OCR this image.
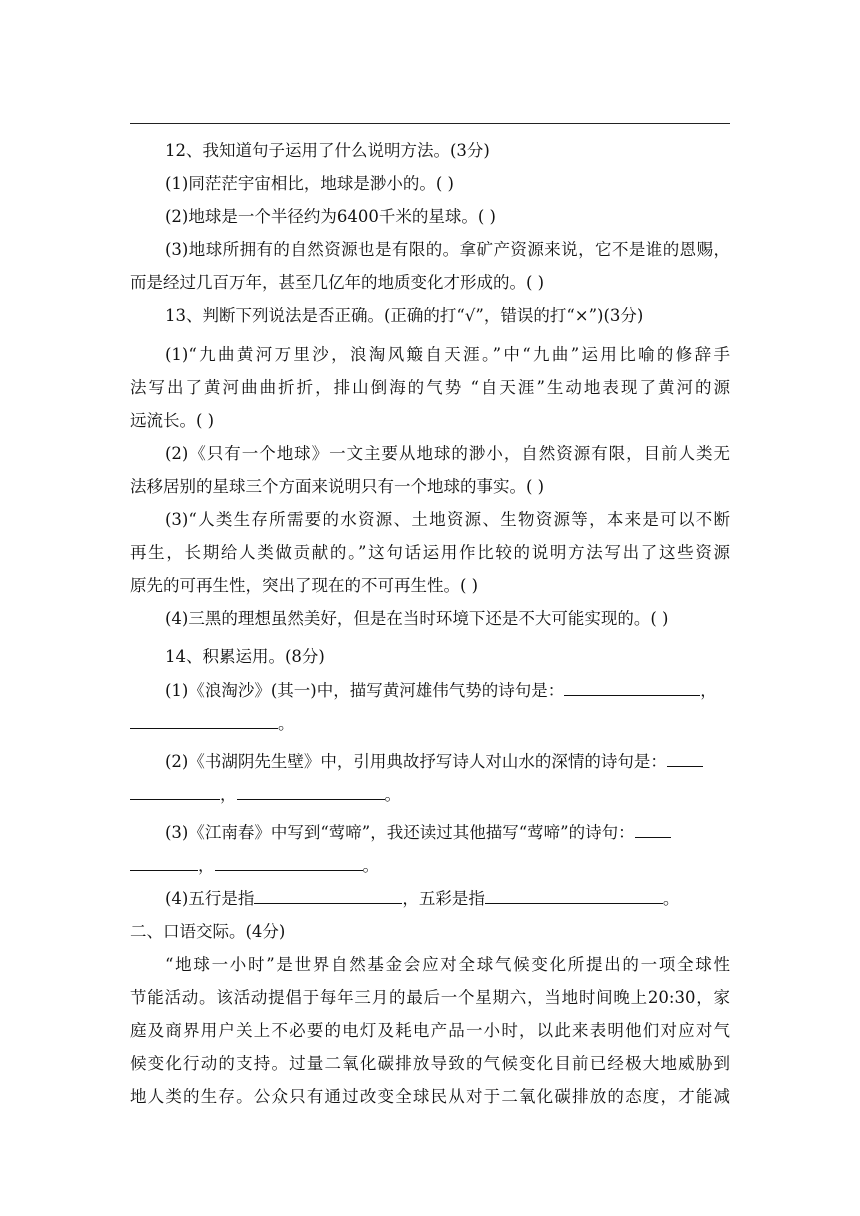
12、我知道句子运用了什么说明方法。(3分)
(1)同茫茫宇宙相比，地球是渺小的。( )
(2)地球是一个半径约为6400千米的星球。( )
(3)地球所拥有的自然资源也是有限的。拿矿产资源来说，它不是谁的恩赐，
而是经过几百万年，甚至几亿年的地质变化才形成的。( )
13、判断下列说法是否正确。(正确的打“√”，错误的打“×”)(3分)
(1)“九曲黄河万里沙，浪淘风簸自天涯。”中“九曲”运用比喻的修辞手
法写出了黄河曲曲折折，排山倒海的气势 “自天涯”生动地表现了黄河的源
远流长。( )
(2)《只有一个地球》一文主要从地球的渺小，自然资源有限，目前人类无
法移居别的星球三个方面来说明只有一个地球的事实。( )
(3)“人类生存所需要的水资源、土地资源、生物资源等，本来是可以不断
再生，长期给人类做贡献的。”这句话运用作比较的说明方法写出了这些资源
原先的可再生性，突出了现在的不可再生性。( )
(4)三黑的理想虽然美好，但是在当时环境下还是不大可能实现的。( )
14、积累运用。(8分)
(1)《浪淘沙》(其一)中，描写黄河雄伟气势的诗句是：	，
。
(2)《书湖阴先生壁》中，引用典故抒写诗人对山水的深情的诗句是：
，	。
(3)《江南春》中写到“莺啼”，我还读过其他描写“莺啼”的诗句：
，	。
(4)五行是指	，五彩是指	。
二、口语交际。(4分)
“地球一小时”是世界自然基金会应对全球气候变化所提出的一项全球性
节能活动。该活动提倡于每年三月的最后一个星期六，当地时间晚上20:30，家
庭及商界用户关上不必要的电灯及耗电产品一小时，以此来表明他们对应对气
候变化行动的支持。过量二氧化碳排放导致的气候变化目前已经极大地威胁到
地人类的生存。公众只有通过改变全球民从对于二氧化碳排放的态度，才能减
